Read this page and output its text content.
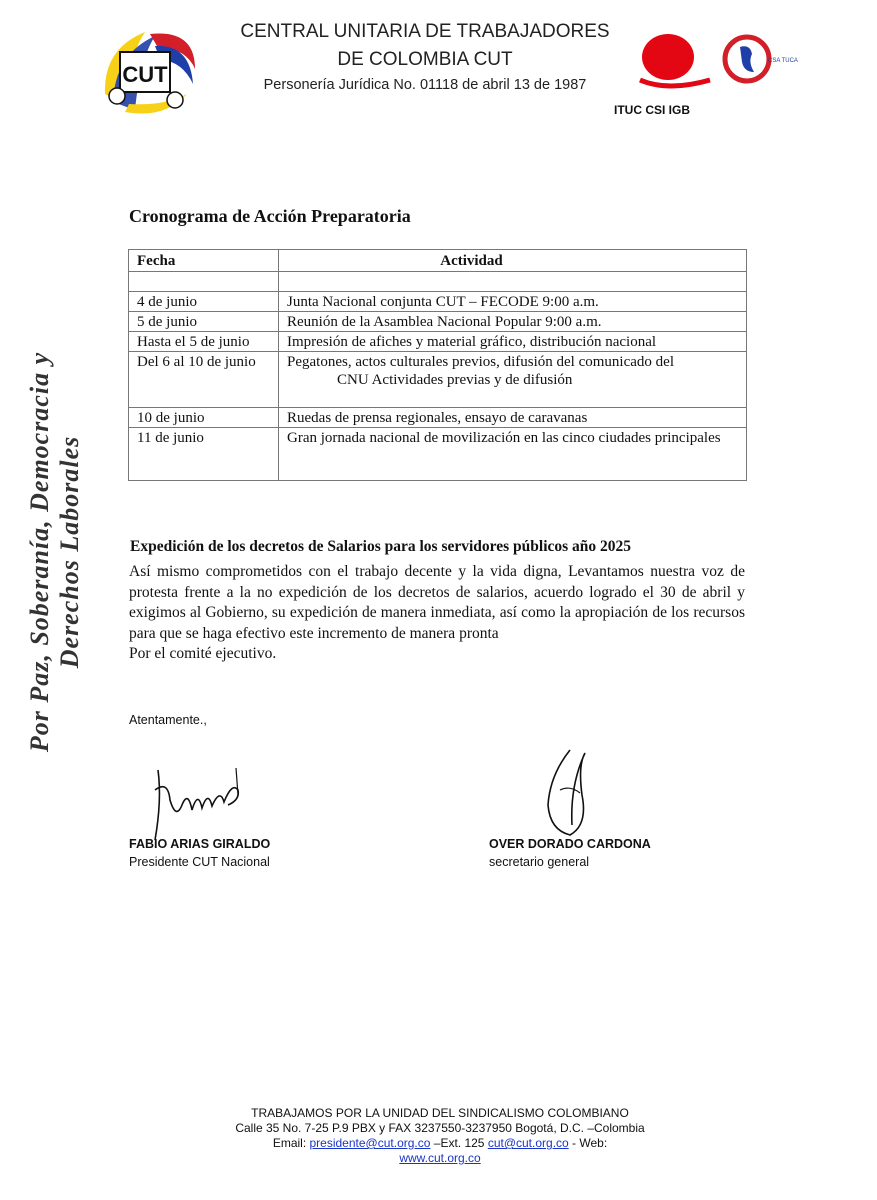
CUT
CENTRAL UNITARIA DE TRABAJADORES
DE COLOMBIA CUT
Personería Jurídica No. 01118 de abril 13 de 1987
CSA TUCA
ITUC CSI IGB
Por Paz, Soberanía, Democracia y Derechos Laborales
Cronograma de Acción Preparatoria
Fecha	Actividad

4 de junio	Junta Nacional conjunta CUT – FECODE 9:00 a.m.
5 de junio	Reunión de la Asamblea Nacional Popular 9:00 a.m.
Hasta el 5 de junio	Impresión de afiches y material gráfico, distribución nacional
Del 6 al 10 de junio	Pegatones, actos culturales previos, difusión del comunicado del
CNU Actividades previas y de difusión

10 de junio	Ruedas de prensa regionales, ensayo de caravanas
11 de junio	Gran jornada nacional de movilización en las cinco ciudades principales
Expedición de los decretos de Salarios para los servidores públicos año 2025

Así mismo comprometidos con el trabajo decente y la vida digna, Levantamos nuestra voz de protesta frente a la no expedición de los decretos de salarios, acuerdo logrado el 30 de abril y exigimos al Gobierno, su expedición de manera inmediata, así como la apropiación de los recursos para que se haga efectivo este incremento de manera pronta

Por el comité ejecutivo.

Atentamente.,
FABIO ARIAS GIRALDO
Presidente CUT Nacional
OVER DORADO CARDONA
secretario general
TRABAJAMOS POR LA UNIDAD DEL SINDICALISMO COLOMBIANO
Calle 35 No. 7-25 P.9 PBX y FAX 3237550-3237950 Bogotá, D.C. –Colombia
Email: presidente@cut.org.co –Ext. 125 cut@cut.org.co - Web:
www.cut.org.co
